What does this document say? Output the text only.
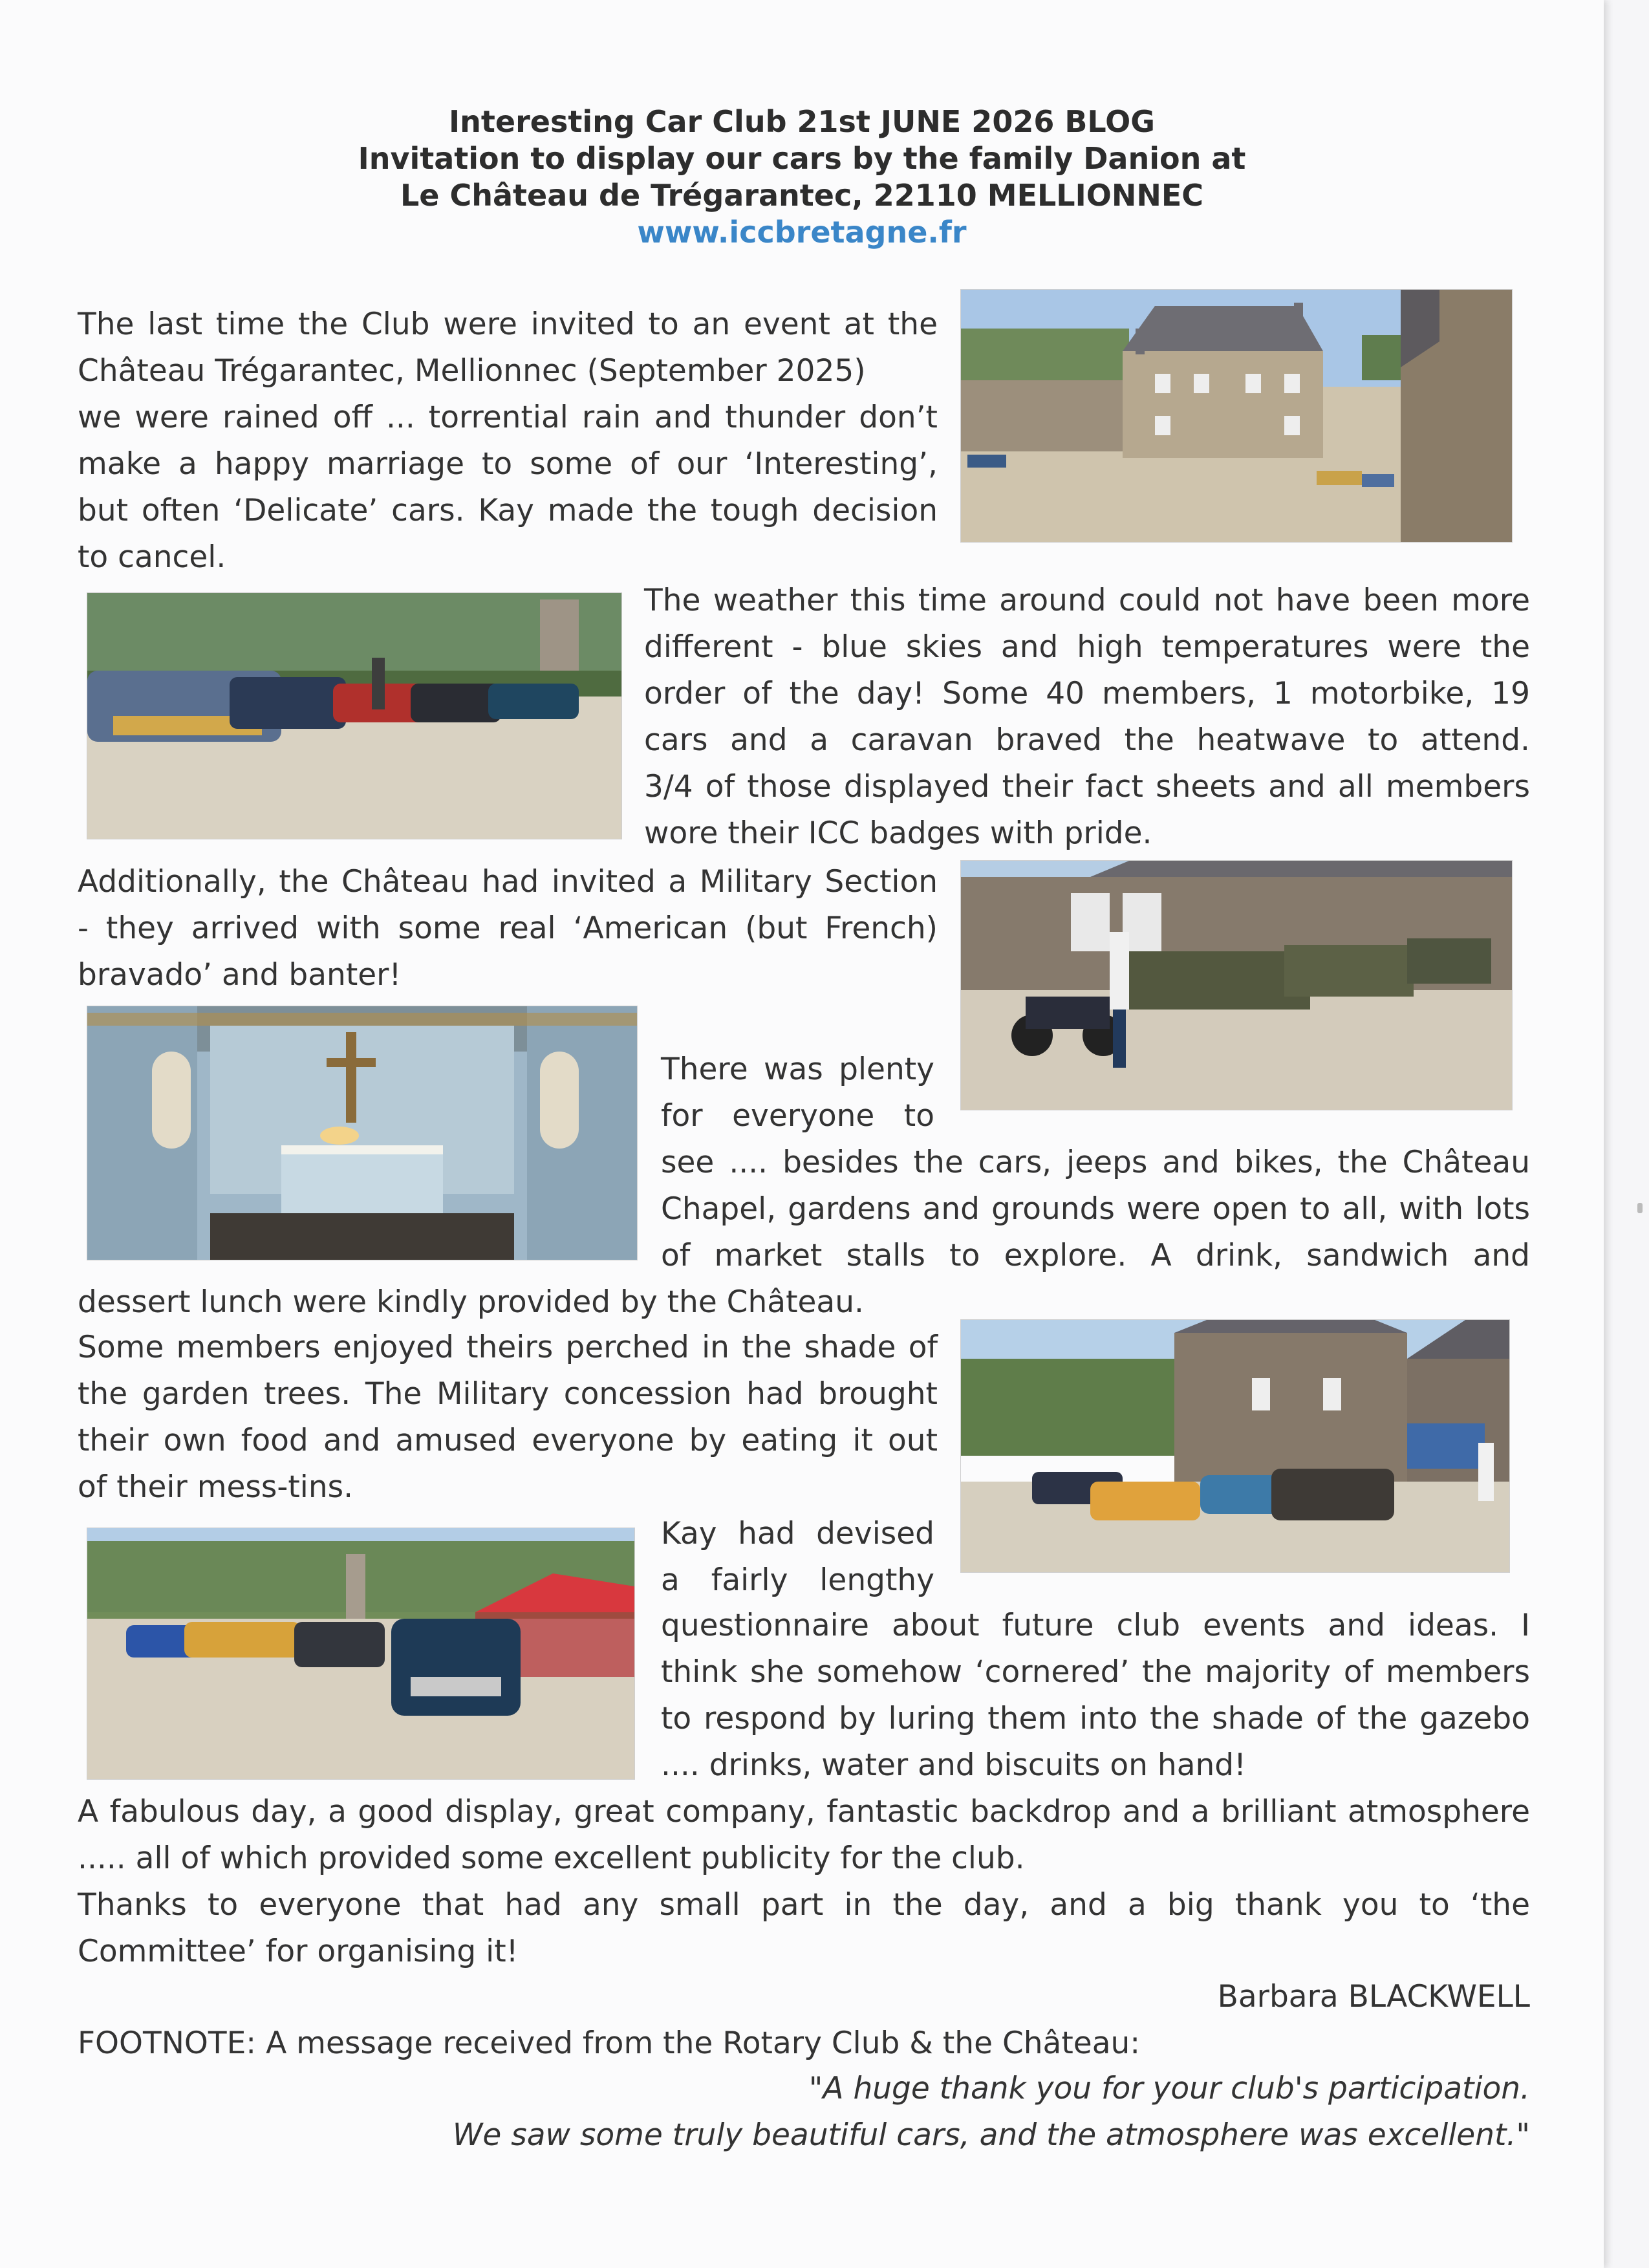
Interesting Car Club 21st JUNE 2026 BLOG
Invitation to display our cars by the family Danion at
Le Château de Trégarantec, 22110 MELLIONNEC
www.iccbretagne.fr
The last time the Club were invited to an event at the
Château Trégarantec, Mellionnec (September 2025)
we were rained off ... torrential rain and thunder don’t
make a happy marriage to some of our ‘Interesting’,
but often ‘Delicate’ cars. Kay made the tough decision
to cancel.
The weather this time around could not have been more
different - blue skies and high temperatures were the
order of the day! Some 40 members, 1 motorbike, 19
cars and a caravan braved the heatwave to attend.
3/4 of those displayed their fact sheets and all members
wore their ICC badges with pride.
Additionally, the Château had invited a Military Section
- they arrived with some real ‘American (but French)
bravado’ and banter!
There was plenty
for everyone to
see .... besides the cars, jeeps and bikes, the Château
Chapel, gardens and grounds were open to all, with lots
of market stalls to explore. A drink, sandwich and
dessert lunch were kindly provided by the Château.
Some members enjoyed theirs perched in the shade of
the garden trees. The Military concession had brought
their own food and amused everyone by eating it out
of their mess-tins.
Kay had devised
a fairly lengthy
questionnaire about future club events and ideas. I
think she somehow ‘cornered’ the majority of members
to respond by luring them into the shade of the gazebo
.... drinks, water and biscuits on hand!
A fabulous day, a good display, great company, fantastic backdrop and a brilliant atmosphere
..... all of which provided some excellent publicity for the club.
Thanks to everyone that had any small part in the day, and a big thank you to ‘the
Committee’ for organising it!
Barbara BLACKWELL
FOOTNOTE: A message received from the Rotary Club & the Château:
"A huge thank you for your club's participation.
We saw some truly beautiful cars, and the atmosphere was excellent."
